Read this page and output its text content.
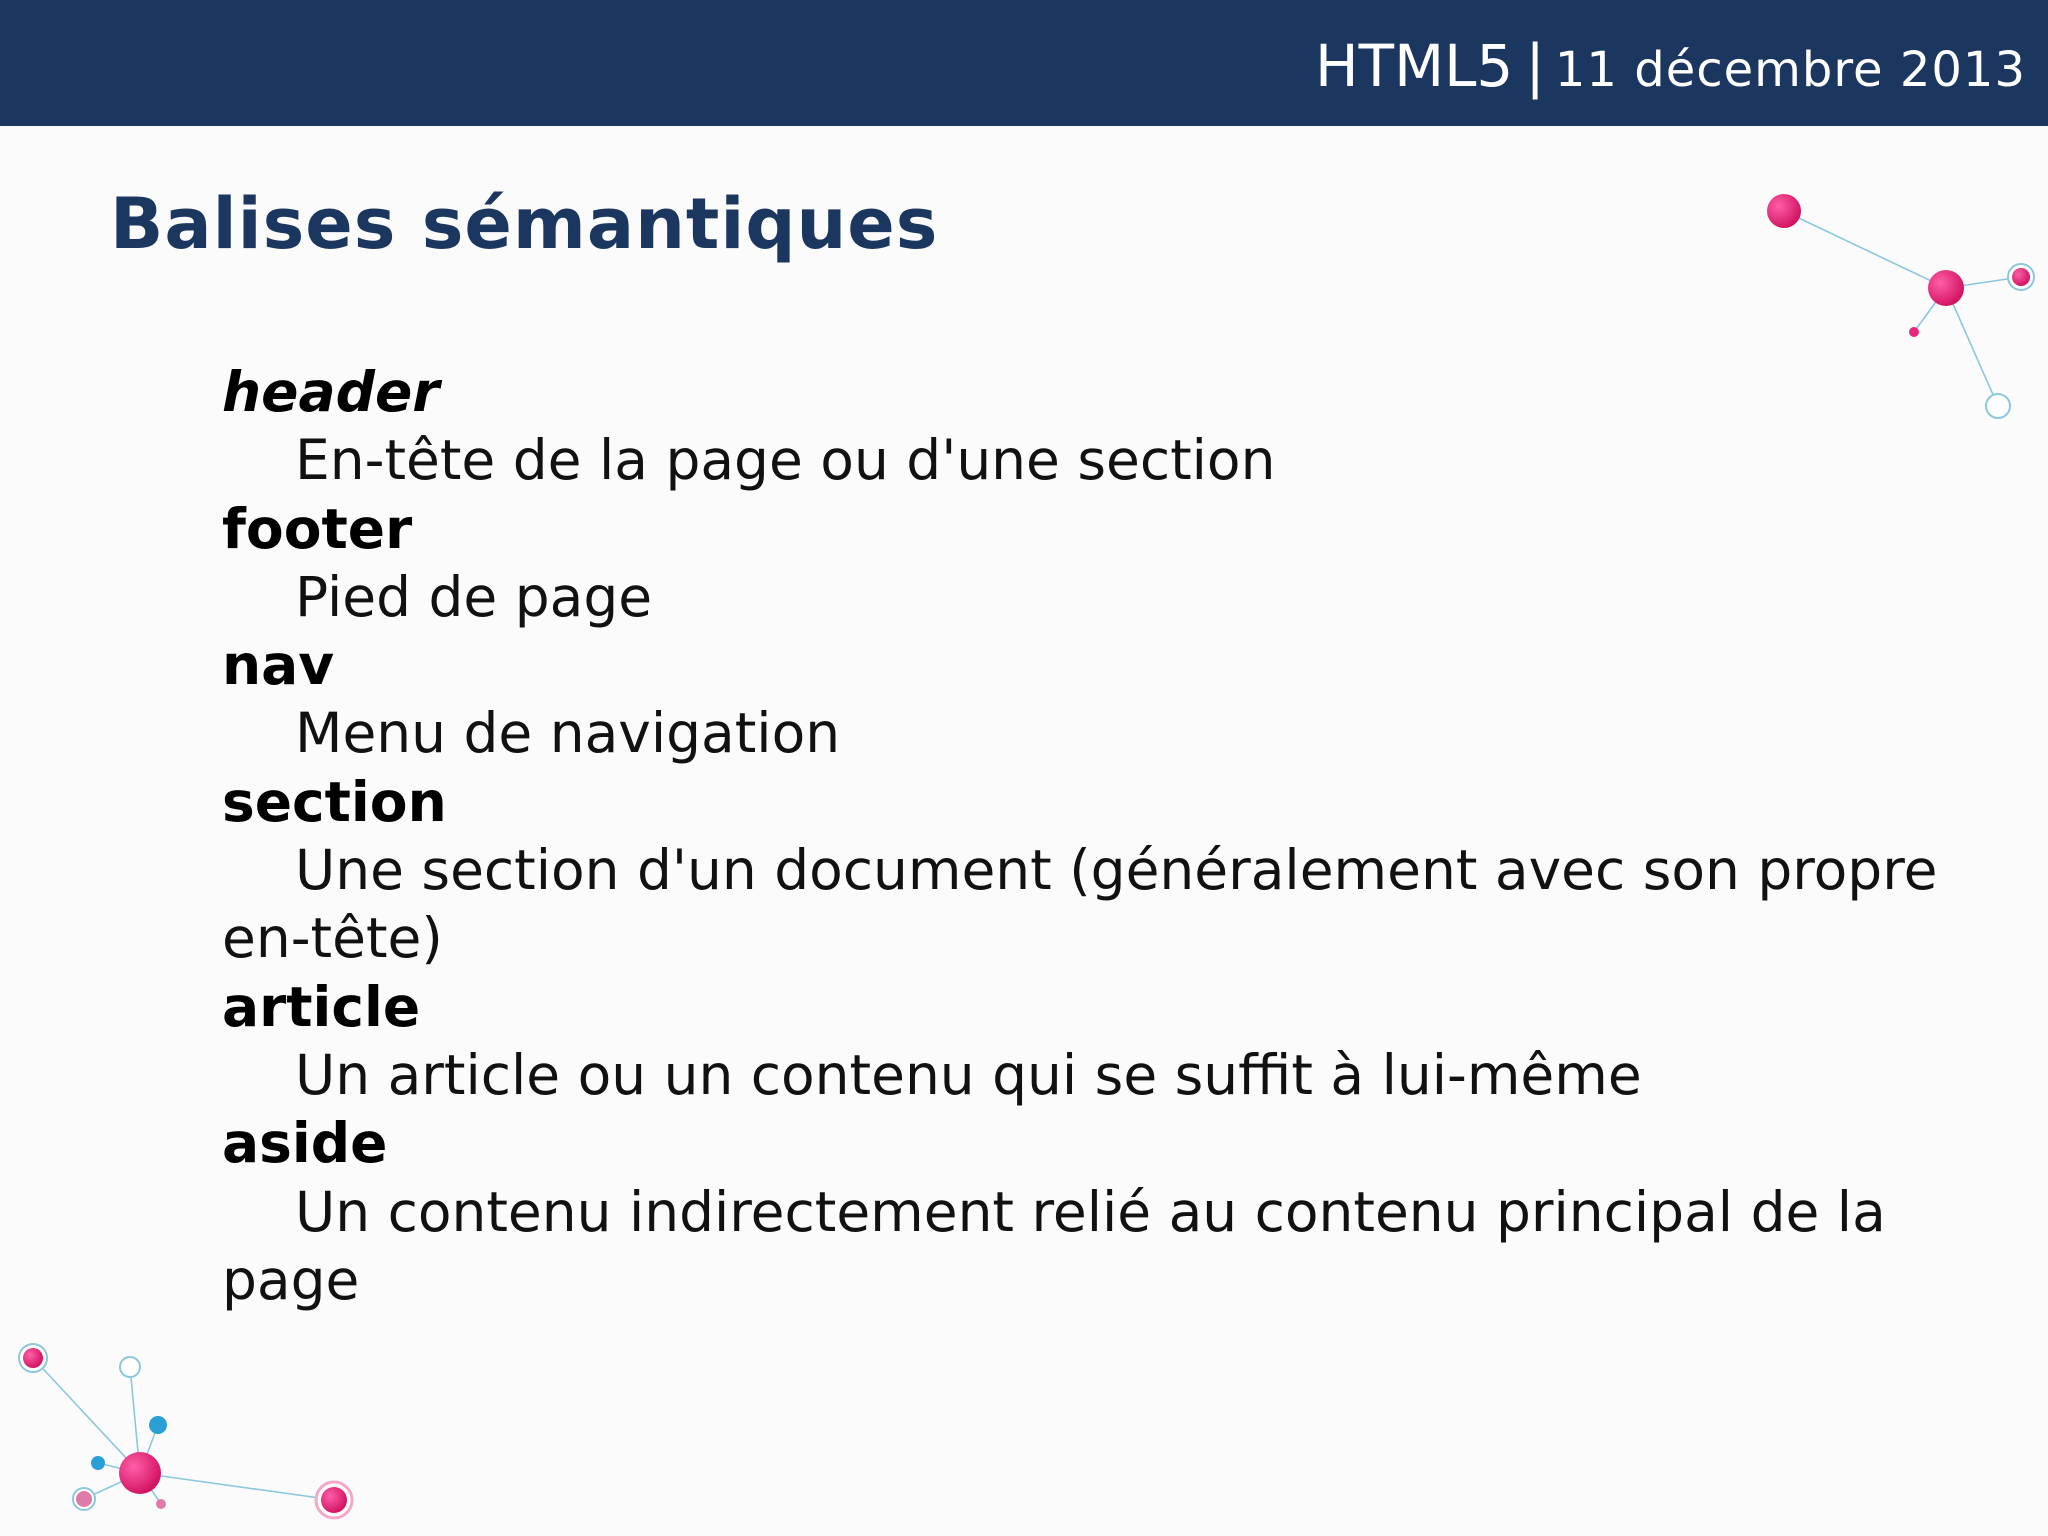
HTML5 | 11 décembre 2013
Balises sémantiques
header
En-tête de la page ou d'une section
footer
Pied de page
nav
Menu de navigation
section
Une section d'un document (généralement avec son propre en-tête)
article
Un article ou un contenu qui se suffit à lui-même
aside
Un contenu indirectement relié au contenu principal de la page
